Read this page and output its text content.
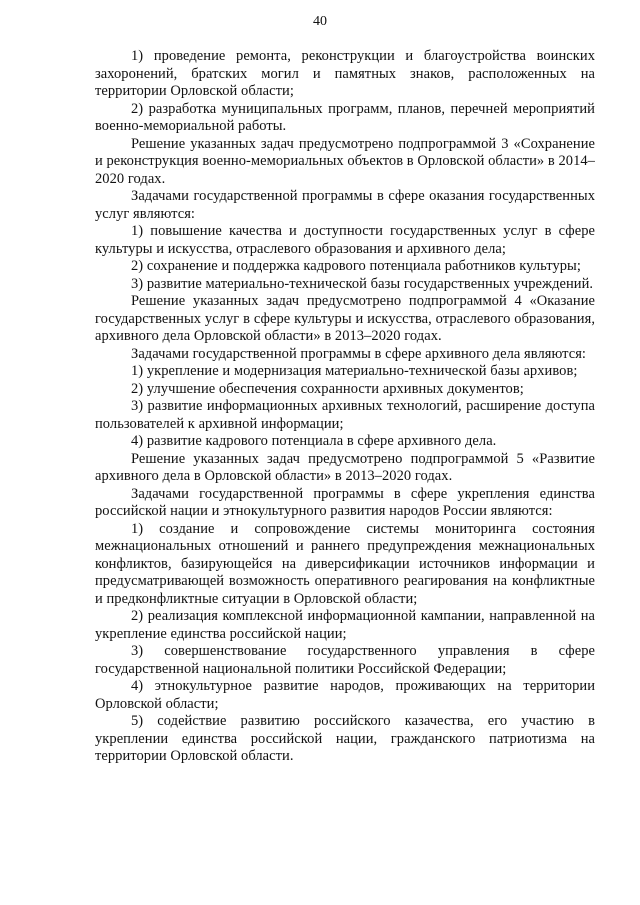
40

1) проведение ремонта, реконструкции и благоустройства воинских захоронений, братских могил и памятных знаков, расположенных на территории Орловской области;

2) разработка муниципальных программ, планов, перечней мероприятий военно-мемориальной работы.

Решение указанных задач предусмотрено подпрограммой 3 «Сохранение и реконструкция военно-мемориальных объектов в Орловской области» в 2014–2020 годах.

Задачами государственной программы в сфере оказания государственных услуг являются:

1) повышение качества и доступности государственных услуг в сфере культуры и искусства, отраслевого образования и архивного дела;

2) сохранение и поддержка кадрового потенциала работников культуры;

3) развитие материально-технической базы государственных учреждений.

Решение указанных задач предусмотрено подпрограммой 4 «Оказание государственных услуг в сфере культуры и искусства, отраслевого образования, архивного дела Орловской области» в 2013–2020 годах.

Задачами государственной программы в сфере архивного дела являются:

1) укрепление и модернизация материально-технической базы архивов;

2) улучшение обеспечения сохранности архивных документов;

3) развитие информационных архивных технологий, расширение доступа пользователей к архивной информации;

4) развитие кадрового потенциала в сфере архивного дела.

Решение указанных задач предусмотрено подпрограммой 5 «Развитие архивного дела в Орловской области» в 2013–2020 годах.

Задачами государственной программы в сфере укрепления единства российской нации и этнокультурного развития народов России являются:

1) создание и сопровождение системы мониторинга состояния межнациональных отношений и раннего предупреждения межнациональных конфликтов, базирующейся на диверсификации источников информации и предусматривающей возможность оперативного реагирования на конфликтные и предконфликтные ситуации в Орловской области;

2) реализация комплексной информационной кампании, направленной на укрепление единства российской нации;

3) совершенствование государственного управления в сфере государственной национальной политики Российской Федерации;

4) этнокультурное развитие народов, проживающих на территории Орловской области;

5) содействие развитию российского казачества, его участию в укреплении единства российской нации, гражданского патриотизма на территории Орловской области.
